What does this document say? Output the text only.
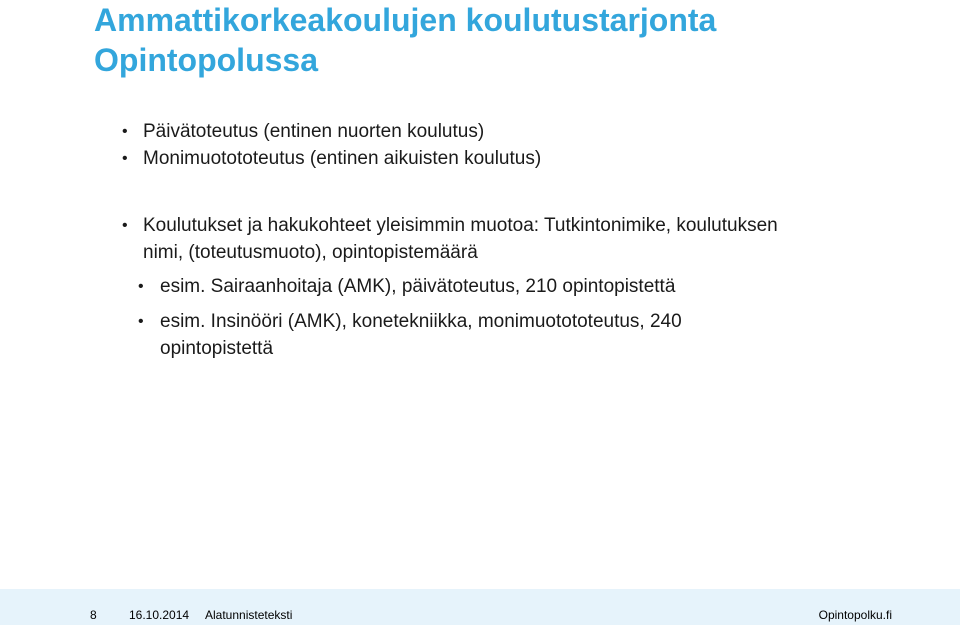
Ammattikorkeakoulujen koulutustarjonta
Opintopolussa
• Päivätoteutus (entinen nuorten koulutus)
• Monimuotototeutus (entinen aikuisten koulutus)
• Koulutukset ja hakukohteet yleisimmin muotoa: Tutkintonimike, koulutuksen nimi, (toteutusmuoto), opintopistemäärä
• esim. Sairaanhoitaja (AMK), päivätoteutus, 210 opintopistettä
• esim. Insinööri (AMK), konetekniikka, monimuotototeutus, 240 opintopistettä
8	16.10.2014 Alatunnisteteksti	Opintopolku.fi
